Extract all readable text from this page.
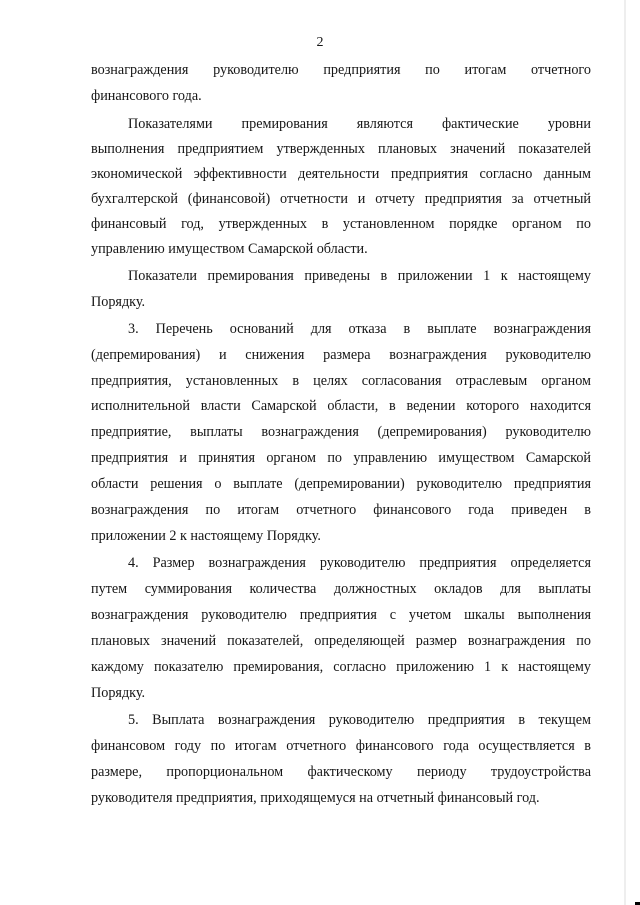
2
вознаграждения руководителю предприятия по итогам отчетного
финансового года.
Показателями премирования являются фактические уровни
выполнения предприятием утвержденных плановых значений показателей
экономической эффективности деятельности предприятия согласно данным
бухгалтерской (финансовой) отчетности и отчету предприятия за отчетный
финансовый год, утвержденных в установленном порядке органом по
управлению имуществом Самарской области.
Показатели премирования приведены в приложении 1 к настоящему
Порядку.
3. Перечень оснований для отказа в выплате вознаграждения
(депремирования) и снижения размера вознаграждения руководителю
предприятия, установленных в целях согласования отраслевым органом
исполнительной власти Самарской области, в ведении которого находится
предприятие, выплаты вознаграждения (депремирования) руководителю
предприятия и принятия органом по управлению имуществом Самарской
области решения о выплате (депремировании) руководителю предприятия
вознаграждения по итогам отчетного финансового года приведен в
приложении 2 к настоящему Порядку.
4. Размер вознаграждения руководителю предприятия определяется
путем суммирования количества должностных окладов для выплаты
вознаграждения руководителю предприятия с учетом шкалы выполнения
плановых значений показателей, определяющей размер вознаграждения по
каждому показателю премирования, согласно приложению 1 к настоящему
Порядку.
5. Выплата вознаграждения руководителю предприятия в текущем
финансовом году по итогам отчетного финансового года осуществляется в
размере, пропорциональном фактическому периоду трудоустройства
руководителя предприятия, приходящемуся на отчетный финансовый год.
